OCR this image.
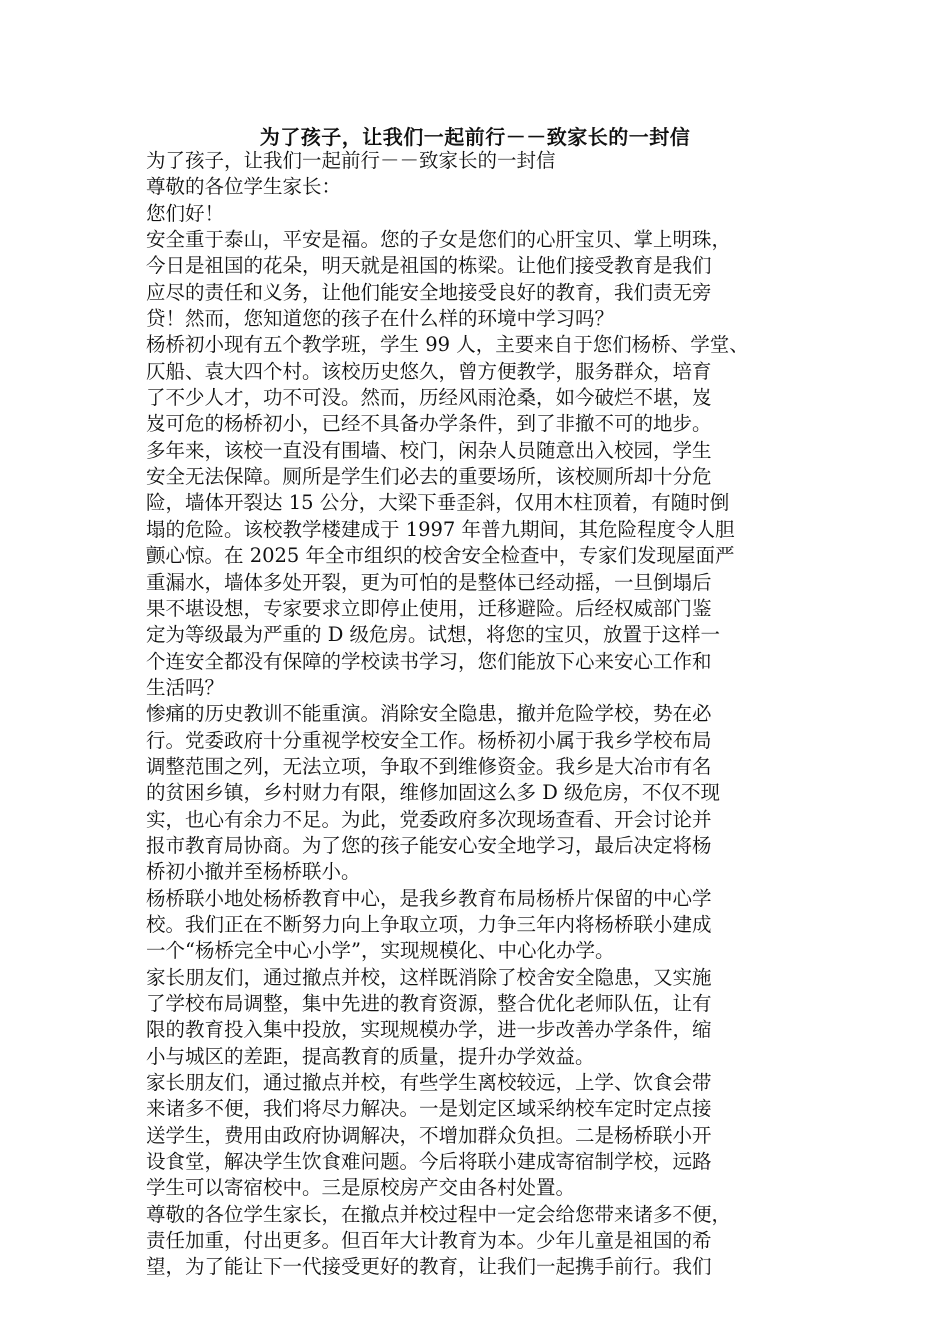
为了孩子，让我们一起前行－－致家长的一封信
为了孩子，让我们一起前行－－致家长的一封信
尊敬的各位学生家长：
您们好！
安全重于泰山，平安是福。您的子女是您们的心肝宝贝、掌上明珠，
今日是祖国的花朵，明天就是祖国的栋梁。让他们接受教育是我们
应尽的责任和义务，让他们能安全地接受良好的教育，我们责无旁
贷！然而，您知道您的孩子在什么样的环境中学习吗？
杨桥初小现有五个教学班，学生 99 人，主要来自于您们杨桥、学堂、
仄船、袁大四个村。该校历史悠久，曾方便教学，服务群众，培育
了不少人才，功不可没。然而，历经风雨沧桑，如今破烂不堪，岌
岌可危的杨桥初小，已经不具备办学条件，到了非撤不可的地步。
多年来，该校一直没有围墙、校门，闲杂人员随意出入校园，学生
安全无法保障。厕所是学生们必去的重要场所，该校厕所却十分危
险，墙体开裂达 15 公分，大梁下垂歪斜，仅用木柱顶着，有随时倒
塌的危险。该校教学楼建成于 1997 年普九期间，其危险程度令人胆
颤心惊。在 2025 年全市组织的校舍安全检查中，专家们发现屋面严
重漏水，墙体多处开裂，更为可怕的是整体已经动摇，一旦倒塌后
果不堪设想，专家要求立即停止使用，迁移避险。后经权威部门鉴
定为等级最为严重的 D 级危房。试想，将您的宝贝，放置于这样一
个连安全都没有保障的学校读书学习，您们能放下心来安心工作和
生活吗？
惨痛的历史教训不能重演。消除安全隐患，撤并危险学校，势在必
行。党委政府十分重视学校安全工作。杨桥初小属于我乡学校布局
调整范围之列，无法立项，争取不到维修资金。我乡是大冶市有名
的贫困乡镇，乡村财力有限，维修加固这么多 D 级危房，不仅不现
实，也心有余力不足。为此，党委政府多次现场查看、开会讨论并
报市教育局协商。为了您的孩子能安心安全地学习，最后决定将杨
桥初小撤并至杨桥联小。
杨桥联小地处杨桥教育中心，是我乡教育布局杨桥片保留的中心学
校。我们正在不断努力向上争取立项，力争三年内将杨桥联小建成
一个“杨桥完全中心小学”，实现规模化、中心化办学。
家长朋友们，通过撤点并校，这样既消除了校舍安全隐患，又实施
了学校布局调整，集中先进的教育资源，整合优化老师队伍，让有
限的教育投入集中投放，实现规模办学，进一步改善办学条件，缩
小与城区的差距，提高教育的质量，提升办学效益。
家长朋友们，通过撤点并校，有些学生离校较远，上学、饮食会带
来诸多不便，我们将尽力解决。一是划定区域采纳校车定时定点接
送学生，费用由政府协调解决，不增加群众负担。二是杨桥联小开
设食堂，解决学生饮食难问题。今后将联小建成寄宿制学校，远路
学生可以寄宿校中。三是原校房产交由各村处置。
尊敬的各位学生家长，在撤点并校过程中一定会给您带来诸多不便，
责任加重，付出更多。但百年大计教育为本。少年儿童是祖国的希
望，为了能让下一代接受更好的教育，让我们一起携手前行。我们
